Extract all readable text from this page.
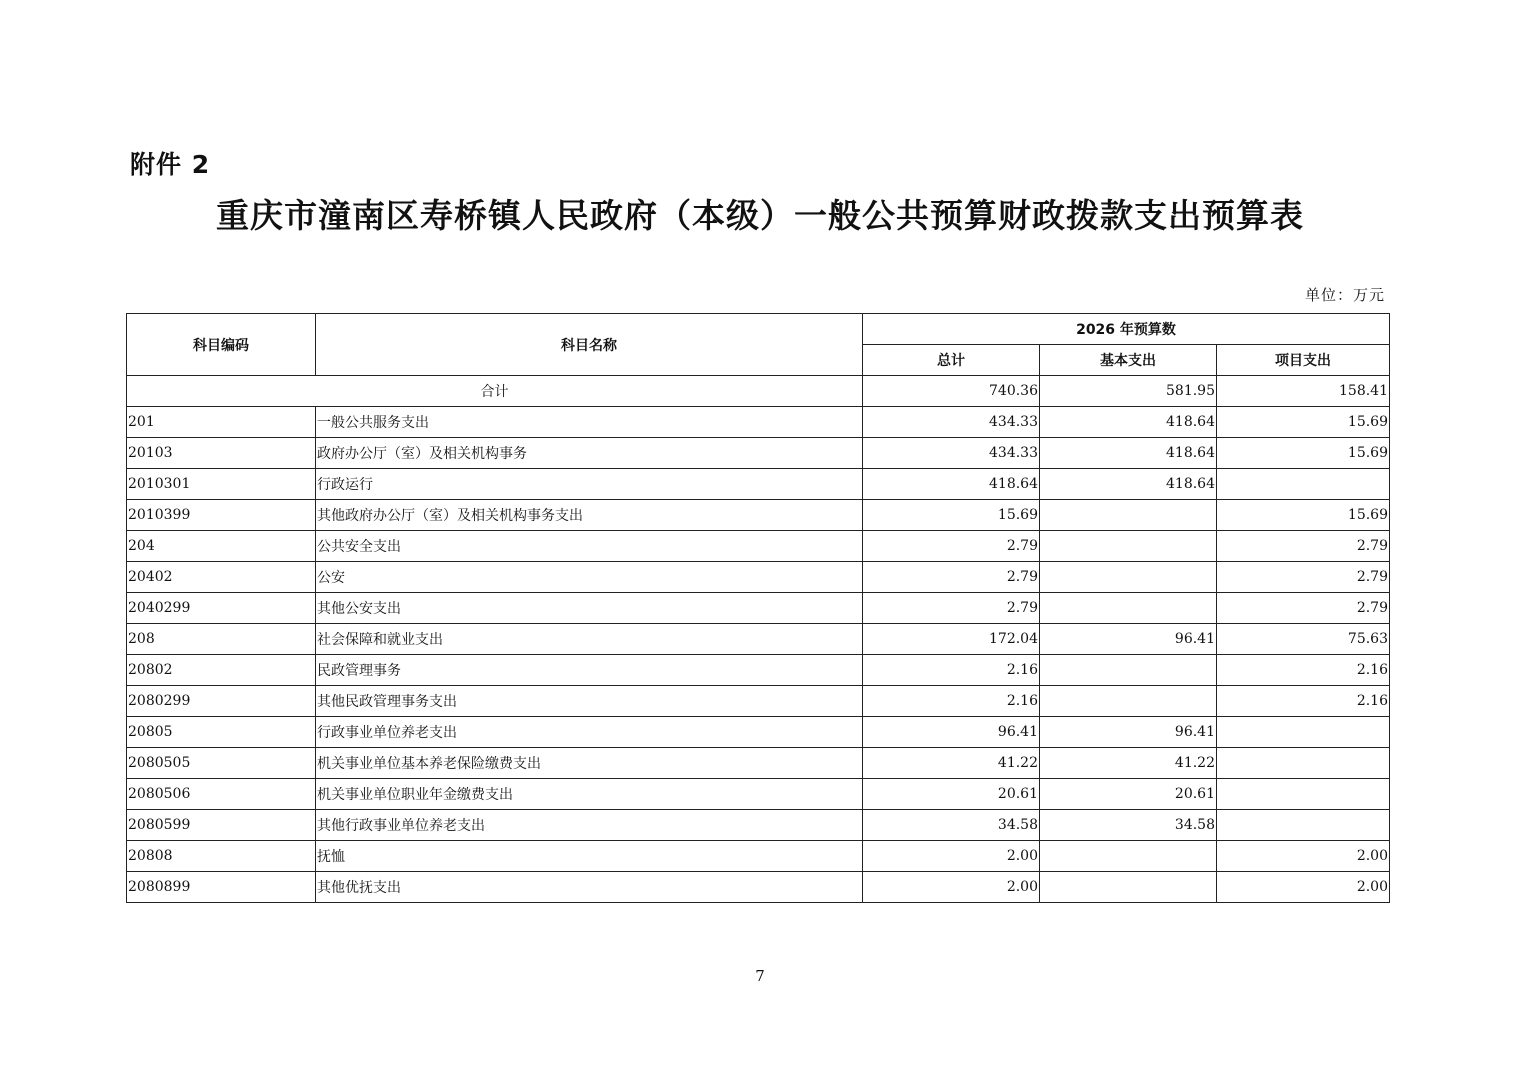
附件 2
重庆市潼南区寿桥镇人民政府（本级）一般公共预算财政拨款支出预算表
单位：万元
科目编码	科目名称	2026 年预算数		
		总计	基本支出	项目支出
合计		740.36	581.95	158.41
201	一般公共服务支出	434.33	418.64	15.69
20103	政府办公厅（室）及相关机构事务	434.33	418.64	15.69
2010301	行政运行	418.64	418.64	
2010399	其他政府办公厅（室）及相关机构事务支出	15.69		15.69
204	公共安全支出	2.79		2.79
20402	公安	2.79		2.79
2040299	其他公安支出	2.79		2.79
208	社会保障和就业支出	172.04	96.41	75.63
20802	民政管理事务	2.16		2.16
2080299	其他民政管理事务支出	2.16		2.16
20805	行政事业单位养老支出	96.41	96.41	
2080505	机关事业单位基本养老保险缴费支出	41.22	41.22	
2080506	机关事业单位职业年金缴费支出	20.61	20.61	
2080599	其他行政事业单位养老支出	34.58	34.58	
20808	抚恤	2.00		2.00
2080899	其他优抚支出	2.00		2.00
7
